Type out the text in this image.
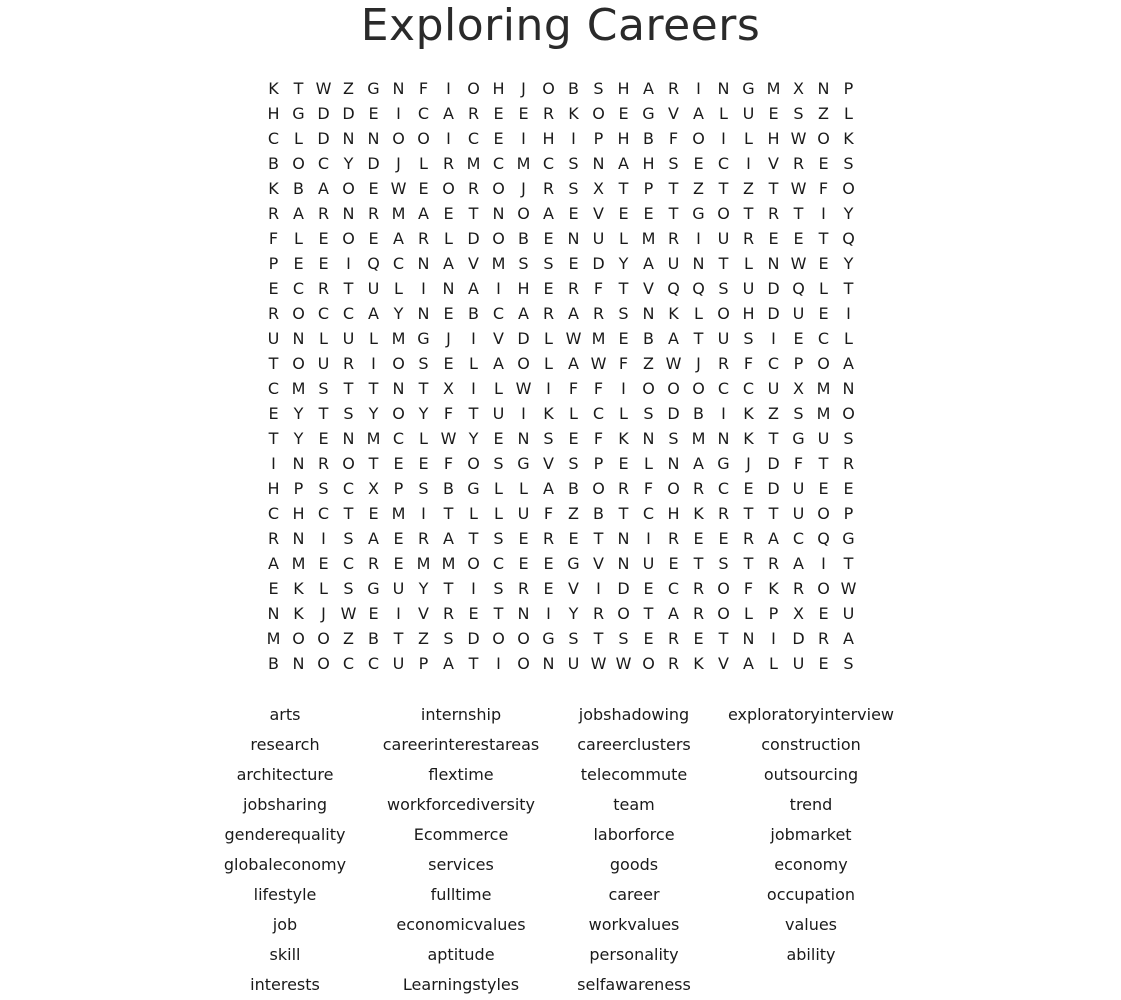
Exploring Careers
K T W Z G N F	I	O H	J	O B S H A R	I	N G M X N P
H G D D E	I	C A R E E R K O E G V A L U E S Z L
C L D N N O O	I	C E	I	H	I	P H B F O	I	L H W O K
B O C Y D	J	L R M C M C S N A H S E C	I	V R E S
K B A O E W E O R O	J	R S X T P T Z T Z T W F O
R A R N R M A E T N O A E V E E T G O T R T	I	Y
F L E O E A R L D O B E N U L M R	I	U R E E T Q
P E E	I	Q C N A V M S S E D Y A U N T L N W E Y
E C R T U L	I	N A	I	H E R F T V Q Q S U D Q L T
R O C C A Y N E B C A R A R S N K L O H D U E	I
U N L U L M G	J	I	V D L W M E B A T U S	I	E C L
T O U R	I	O S E L A O L A W F Z W J	R F C P O A
C M S T T N T X	I	L W I	F F	I	O O O C C U X M N
E Y T S Y O Y F T U	I	K L C L S D B	I	K Z S M O
T Y E N M C L W Y E N S E F K N S M N K T G U S
I	N R O T E E F O S G V S P E L N A G	J	D F T R
H P S C X P S B G L	L A B O R F O R C E D U E E
C H C T E M I	T L	L U F Z B T C H K R T T U O P
R N	I	S A E R A T S E R E T N	I	R E E R A C Q G
A M E C R E M M O C E E G V N U E T S T R A	I	T
E K L S G U Y T	I	S R E V	I	D E C R O F K R O W
N K	J W E	I	V R E T N	I	Y R O T A R O L P X E U
M O O Z B T Z S D O O G S T S E R E T N	I	D R A
B N O C C U P A T	I	O N U W W O R K V A L U E S
arts
research
architecture
jobsharing
genderequality
globaleconomy
lifestyle
job
skill
interests
internship
careerinterestareas
flextime
workforcediversity
Ecommerce
services
fulltime
economicvalues
aptitude
Learningstyles
jobshadowing
careerclusters
telecommute
team
laborforce
goods
career
workvalues
personality
selfawareness
exploratoryinterview
construction
outsourcing
trend
jobmarket
economy
occupation
values
ability
